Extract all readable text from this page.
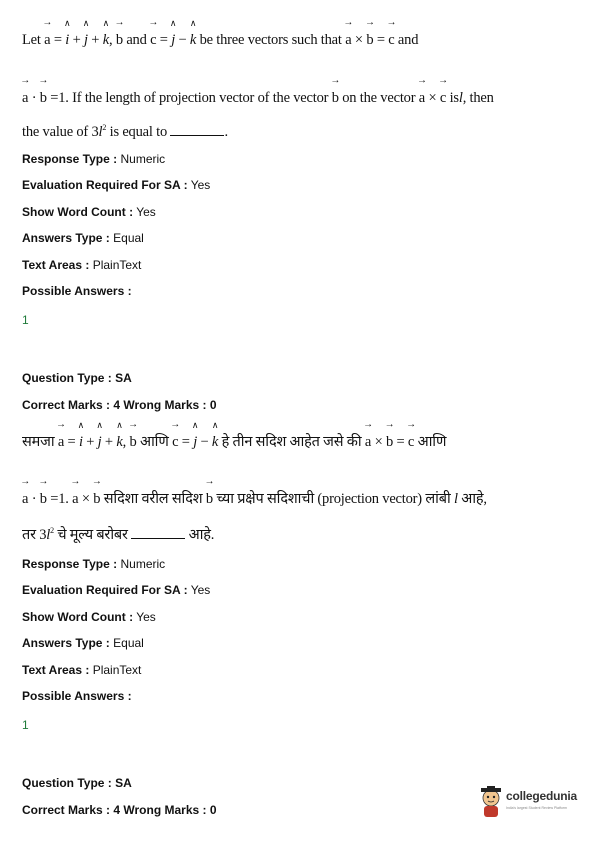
Let → a = ∧ i + ∧ j + ∧ k, → b and → c = ∧ j − ∧ k be three vectors such that → a × → b = → c and
→ a · → b =1. If the length of projection vector of the vector → b on the vector → a × → c isl, then
the value of $3l^2$ is equal to	.
Response Type : Numeric
Evaluation Required For SA : Yes
Show Word Count : Yes
Answers Type : Equal
Text Areas : PlainText
Possible Answers :
1
Question Type : SA
Correct Marks : 4 Wrong Marks : 0
समजा → a = ∧ i + ∧ j + ∧ k, → b आणि → c = ∧ j − ∧ k हे तीन सदिश आहेत जसे की → a × → b = → c आणि
→ a · → b =1. → a × → b सदिशा वरील सदिश → b च्या प्रक्षेप सदिशाची (projection vector) लांबी l आहे,
तर $3l^2$ चे मूल्य बरोबर	आहे.
Response Type : Numeric
Evaluation Required For SA : Yes
Show Word Count : Yes
Answers Type : Equal
Text Areas : PlainText
Possible Answers :
1
Question Type : SA
Correct Marks : 4 Wrong Marks : 0
collegedunia
India's largest Student Review Platform
